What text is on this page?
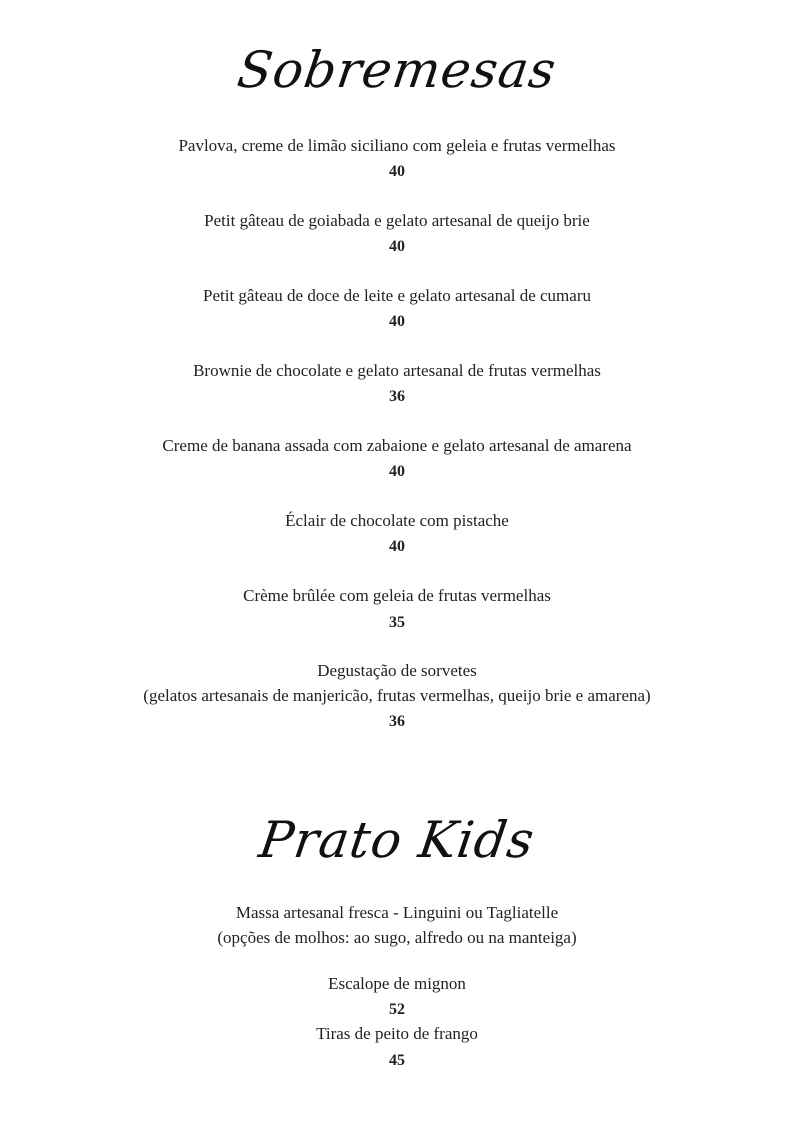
Sobremesas
Pavlova, creme de limão siciliano com geleia e frutas vermelhas
40
Petit gâteau de goiabada e gelato artesanal de queijo brie
40
Petit gâteau de doce de leite e gelato artesanal de cumaru
40
Brownie de chocolate e gelato artesanal de frutas vermelhas
36
Creme de banana assada com zabaione e gelato artesanal de amarena
40
Éclair de chocolate com pistache
40
Crème brûlée com geleia de frutas vermelhas
35
Degustação de sorvetes
(gelatos artesanais de manjericão, frutas vermelhas, queijo brie e amarena)
36
Prato Kids
Massa artesanal fresca - Linguini ou Tagliatelle
(opções de molhos: ao sugo, alfredo ou na manteiga)
Escalope de mignon
52
Tiras de peito de frango
45
